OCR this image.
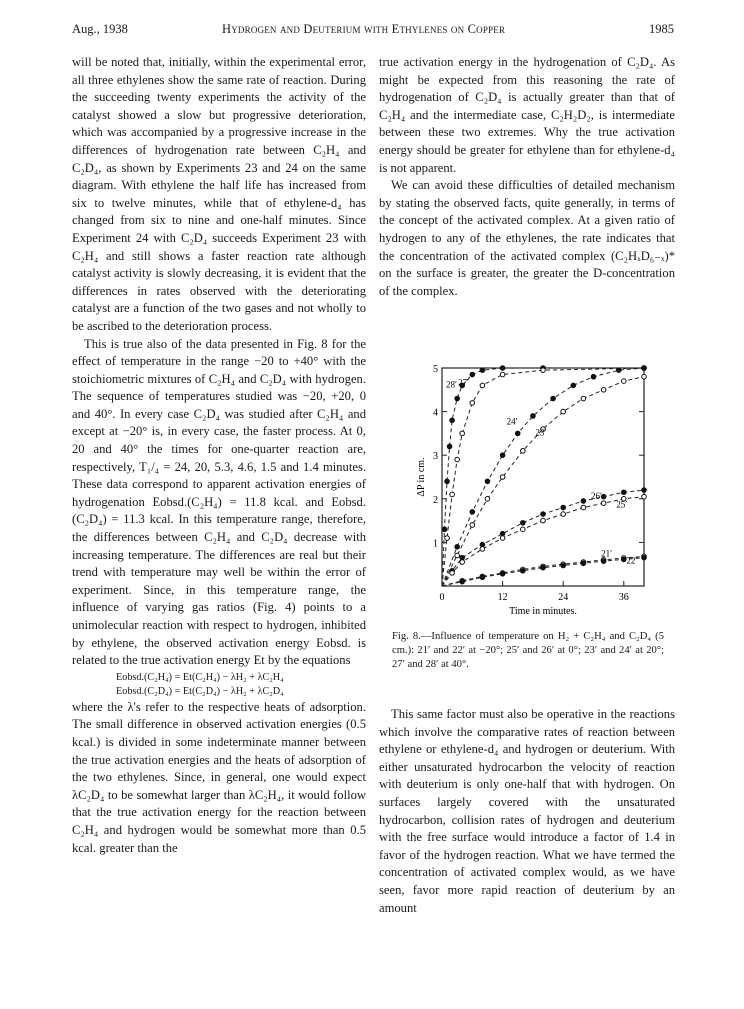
Aug., 1938	Hydrogen and Deuterium with Ethylenes on Copper	1985

will be noted that, initially, within the experimental error, all three ethylenes show the same rate of reaction. During the succeeding twenty experiments the activity of the catalyst showed a slow but progressive deterioration, which was accompanied by a progressive increase in the differences of hydrogenation rate between C₂H₄ and C₂D₄, as shown by Experiments 23 and 24 on the same diagram. With ethylene the half life has increased from six to twelve minutes, while that of ethylene-d₄ has changed from six to nine and one-half minutes. Since Experiment 24 with C₂D₄ succeeds Experiment 23 with C₂H₄ and still shows a faster reaction rate although catalyst activity is slowly decreasing, it is evident that the differences in rates observed with the deteriorating catalyst are a function of the two gases and not wholly to be ascribed to the deterioration process.

This is true also of the data presented in Fig. 8 for the effect of temperature in the range −20 to +40° with the stoichiometric mixtures of C₂H₄ and C₂D₄ with hydrogen. The sequence of temperatures studied was −20, +20, 0 and 40°. In every case C₂D₄ was studied after C₂H₄ and except at −20° is, in every case, the faster process. At 0, 20 and 40° the times for one-quarter reaction are, respectively, T₁/₄ = 24, 20, 5.3, 4.6, 1.5 and 1.4 minutes. These data correspond to apparent activation energies of hydrogenation Eobsd.(C₂H₄) = 11.8 kcal. and Eobsd.(C₂D₄) = 11.3 kcal. In this temperature range, therefore, the differences between C₂H₄ and C₂D₄ decrease with increasing temperature. The differences are real but their trend with temperature may well be within the error of experiment. Since, in this temperature range, the influence of varying gas ratios (Fig. 4) points to a unimolecular reaction with respect to hydrogen, inhibited by ethylene, the observed activation energy Eobsd. is related to the true activation energy Et by the equations

Eobsd.(C₂H₄) = Et(C₂H₄) − λH₂ + λC₂H₄
Eobsd.(C₂D₄) = Et(C₂D₄) − λH₂ + λC₂D₄

where the λ's refer to the respective heats of adsorption. The small difference in observed activation energies (0.5 kcal.) is divided in some indeterminate manner between the true activation energies and the heats of adsorption of the two ethylenes. Since, in general, one would expect λC₂D₄ to be somewhat larger than λC₂H₄, it would follow that the true activation energy for the reaction between C₂H₄ and hydrogen would be somewhat more than 0.5 kcal. greater than the

true activation energy in the hydrogenation of C₂D₄. As might be expected from this reasoning the rate of hydrogenation of C₂D₄ is actually greater than that of C₂H₄ and the intermediate case, C₂H₂D₂, is intermediate between these two extremes. Why the true activation energy should be greater for ethylene than for ethylene-d₄ is not apparent.

We can avoid these difficulties of detailed mechanism by stating the observed facts, quite generally, in terms of the concept of the activated complex. At a given ratio of hydrogen to any of the ethylenes, the rate indicates that the concentration of the activated complex (C₂HₓD₆₋ₓ)* on the surface is greater, the greater the D-concentration of the complex.

1
2
3
4
5
0	12	24	36
Time in minutes.
ΔP in cm.
28′ 27′
24′
23′
26′
25′
21′
22′
Fig. 8.—Influence of temperature on H₂ + C₂H₄ and C₂D₄ (5 cm.): 21′ and 22′ at −20°; 25′ and 26′ at 0°; 23′ and 24′ at 20°; 27′ and 28′ at 40°.

This same factor must also be operative in the reactions which involve the comparative rates of reaction between ethylene or ethylene-d₄ and hydrogen or deuterium. With either unsaturated hydrocarbon the velocity of reaction with deuterium is only one-half that with hydrogen. On surfaces largely covered with the unsaturated hydrocarbon, collision rates of hydrogen and deuterium with the free surface would introduce a factor of 1.4 in favor of the hydrogen reaction. What we have termed the concentration of activated complex would, as we have seen, favor more rapid reaction of deuterium by an amount
